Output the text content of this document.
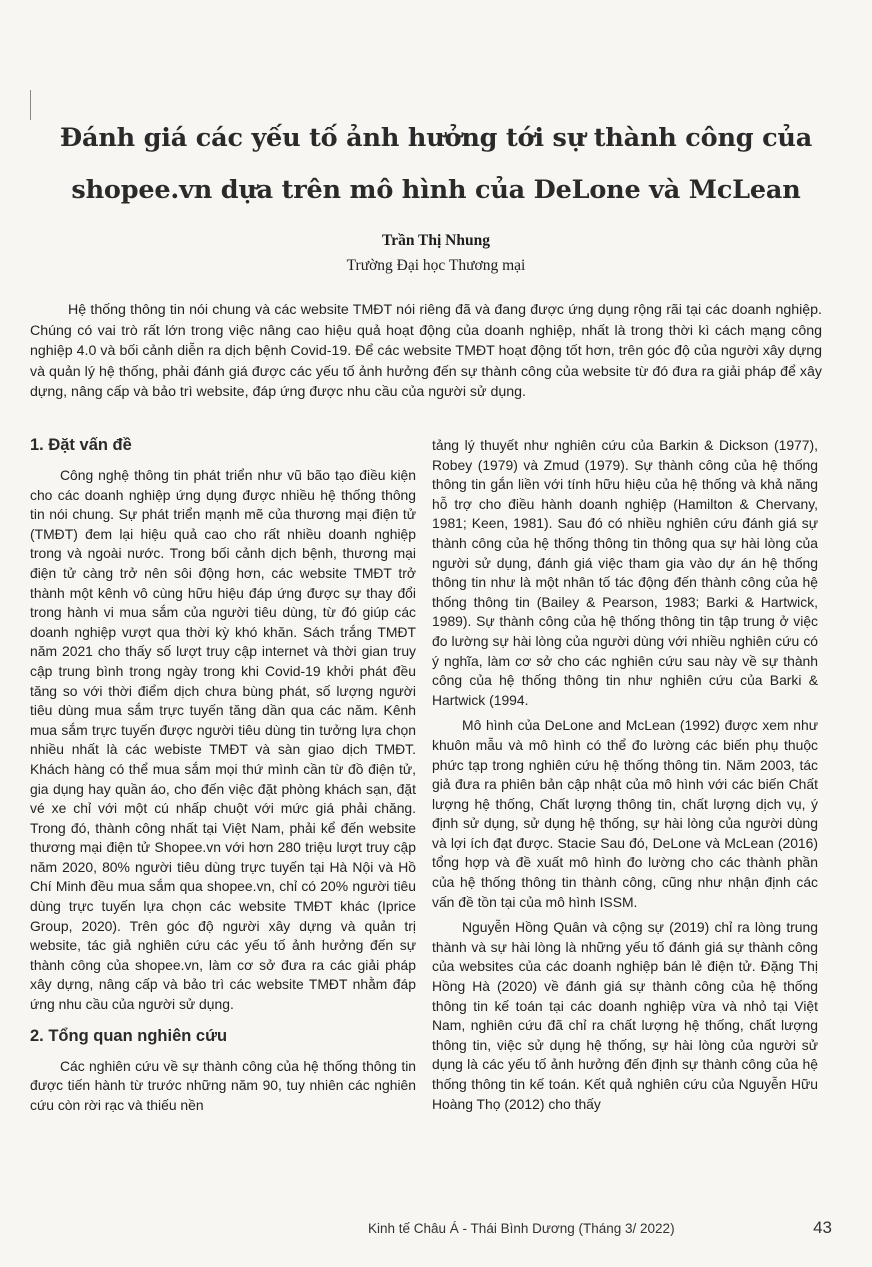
Đánh giá các yếu tố ảnh hưởng tới sự thành công của
shopee.vn dựa trên mô hình của DeLone và McLean
Trần Thị Nhung
Trường Đại học Thương mại
Hệ thống thông tin nói chung và các website TMĐT nói riêng đã và đang được ứng dụng rộng rãi tại các doanh nghiệp. Chúng có vai trò rất lớn trong việc nâng cao hiệu quả hoạt động của doanh nghiệp, nhất là trong thời kì cách mạng công nghiệp 4.0 và bối cảnh diễn ra dịch bệnh Covid-19. Để các website TMĐT hoạt động tốt hơn, trên góc độ của người xây dựng và quản lý hệ thống, phải đánh giá được các yếu tố ảnh hưởng đến sự thành công của website từ đó đưa ra giải pháp để xây dựng, nâng cấp và bảo trì website, đáp ứng được nhu cầu của người sử dụng.
1. Đặt vấn đề

Công nghệ thông tin phát triển như vũ bão tạo điều kiện cho các doanh nghiệp ứng dụng được nhiều hệ thống thông tin nói chung. Sự phát triển mạnh mẽ của thương mại điện tử (TMĐT) đem lại hiệu quả cao cho rất nhiều doanh nghiệp trong và ngoài nước. Trong bối cảnh dịch bệnh, thương mại điện tử càng trở nên sôi động hơn, các website TMĐT trở thành một kênh vô cùng hữu hiệu đáp ứng được sự thay đổi trong hành vi mua sắm của người tiêu dùng, từ đó giúp các doanh nghiệp vượt qua thời kỳ khó khăn. Sách trắng TMĐT năm 2021 cho thấy số lượt truy cập internet và thời gian truy cập trung bình trong ngày trong khi Covid-19 khởi phát đều tăng so với thời điểm dịch chưa bùng phát, số lượng người tiêu dùng mua sắm trực tuyến tăng dần qua các năm. Kênh mua sắm trực tuyến được người tiêu dùng tin tưởng lựa chọn nhiều nhất là các webiste TMĐT và sàn giao dịch TMĐT. Khách hàng có thể mua sắm mọi thứ mình cần từ đồ điện tử, gia dụng hay quần áo, cho đến việc đặt phòng khách sạn, đặt vé xe chỉ với một cú nhấp chuột với mức giá phải chăng. Trong đó, thành công nhất tại Việt Nam, phải kể đến website thương mại điện tử Shopee.vn với hơn 280 triệu lượt truy cập năm 2020, 80% người tiêu dùng trực tuyến tại Hà Nội và Hồ Chí Minh đều mua sắm qua shopee.vn, chỉ có 20% người tiêu dùng trực tuyến lựa chọn các website TMĐT khác (Iprice Group, 2020). Trên góc độ người xây dựng và quản trị website, tác giả nghiên cứu các yếu tố ảnh hưởng đến sự thành công của shopee.vn, làm cơ sở đưa ra các giải pháp xây dựng, nâng cấp và bảo trì các website TMĐT nhằm đáp ứng nhu cầu của người sử dụng.

2. Tổng quan nghiên cứu

Các nghiên cứu về sự thành công của hệ thống thông tin được tiến hành từ trước những năm 90, tuy nhiên các nghiên cứu còn rời rạc và thiếu nền

tảng lý thuyết như nghiên cứu của Barkin & Dickson (1977), Robey (1979) và Zmud (1979). Sự thành công của hệ thống thông tin gắn liền với tính hữu hiệu của hệ thống và khả năng hỗ trợ cho điều hành doanh nghiệp (Hamilton & Chervany, 1981; Keen, 1981). Sau đó có nhiều nghiên cứu đánh giá sự thành công của hệ thống thông tin thông qua sự hài lòng của người sử dụng, đánh giá việc tham gia vào dự án hệ thống thông tin như là một nhân tố tác động đến thành công của hệ thống thông tin (Bailey & Pearson, 1983; Barki & Hartwick, 1989). Sự thành công của hệ thống thông tin tập trung ở việc đo lường sự hài lòng của người dùng với nhiều nghiên cứu có ý nghĩa, làm cơ sở cho các nghiên cứu sau này về sự thành công của hệ thống thông tin như nghiên cứu của Barki & Hartwick (1994.

Mô hình của DeLone and McLean (1992) được xem như khuôn mẫu và mô hình có thể đo lường các biến phụ thuộc phức tạp trong nghiên cứu hệ thống thông tin. Năm 2003, tác giả đưa ra phiên bản cập nhật của mô hình với các biến Chất lượng hệ thống, Chất lượng thông tin, chất lượng dịch vụ, ý định sử dụng, sử dụng hệ thống, sự hài lòng của người dùng và lợi ích đạt được. Stacie Sau đó, DeLone và McLean (2016) tổng hợp và đề xuất mô hình đo lường cho các thành phần của hệ thống thông tin thành công, cũng như nhận định các vấn đề tồn tại của mô hình ISSM.

Nguyễn Hồng Quân và cộng sự (2019) chỉ ra lòng trung thành và sự hài lòng là những yếu tố đánh giá sự thành công của websites của các doanh nghiệp bán lẻ điện tử. Đặng Thị Hồng Hà (2020) về đánh giá sự thành công của hệ thống thông tin kế toán tại các doanh nghiệp vừa và nhỏ tại Việt Nam, nghiên cứu đã chỉ ra chất lượng hệ thống, chất lượng thông tin, việc sử dụng hệ thống, sự hài lòng của người sử dụng là các yếu tố ảnh hưởng đến định sự thành công của hệ thống thông tin kế toán. Kết quả nghiên cứu của Nguyễn Hữu Hoàng Thọ (2012) cho thấy

Kinh tế Châu Á - Thái Bình Dương (Tháng 3/ 2022)	43
